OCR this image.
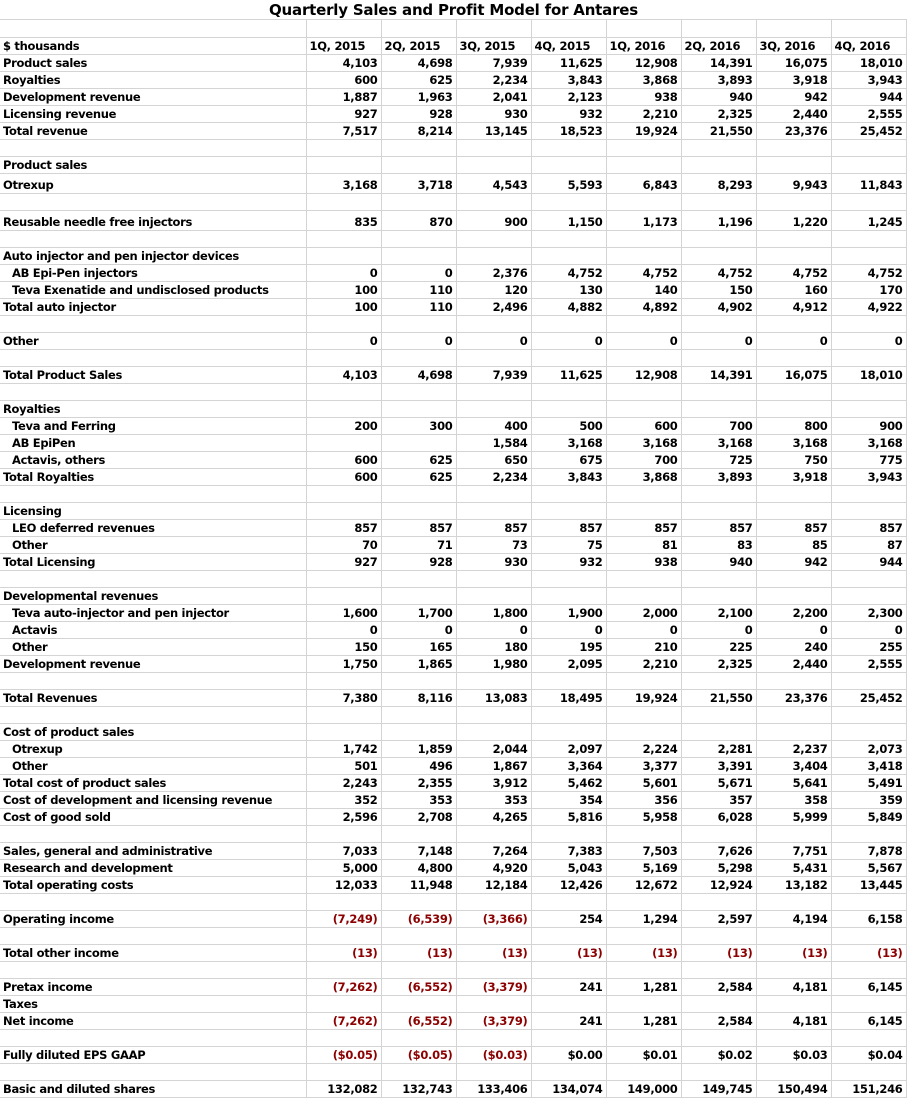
Quarterly Sales and Profit Model for Antares

$ thousands	1Q, 2015	2Q, 2015	3Q, 2015	4Q, 2015	1Q, 2016	2Q, 2016	3Q, 2016	4Q, 2016
Product sales	4,103	4,698	7,939	11,625	12,908	14,391	16,075	18,010
Royalties	600	625	2,234	3,843	3,868	3,893	3,918	3,943
Development revenue	1,887	1,963	2,041	2,123	938	940	942	944
Licensing revenue	927	928	930	932	2,210	2,325	2,440	2,555
Total revenue	7,517	8,214	13,145	18,523	19,924	21,550	23,376	25,452

Product sales								
Otrexup	3,168	3,718	4,543	5,593	6,843	8,293	9,943	11,843

Reusable needle free injectors	835	870	900	1,150	1,173	1,196	1,220	1,245

Auto injector and pen injector devices								
AB Epi-Pen injectors	0	0	2,376	4,752	4,752	4,752	4,752	4,752
Teva Exenatide and undisclosed products	100	110	120	130	140	150	160	170
Total auto injector	100	110	2,496	4,882	4,892	4,902	4,912	4,922

Other	0	0	0	0	0	0	0	0

Total Product Sales	4,103	4,698	7,939	11,625	12,908	14,391	16,075	18,010

Royalties								
Teva and Ferring	200	300	400	500	600	700	800	900
AB EpiPen			1,584	3,168	3,168	3,168	3,168	3,168
Actavis, others	600	625	650	675	700	725	750	775
Total Royalties	600	625	2,234	3,843	3,868	3,893	3,918	3,943

Licensing								
LEO deferred revenues	857	857	857	857	857	857	857	857
Other	70	71	73	75	81	83	85	87
Total Licensing	927	928	930	932	938	940	942	944

Developmental revenues								
Teva auto-injector and pen injector	1,600	1,700	1,800	1,900	2,000	2,100	2,200	2,300
Actavis	0	0	0	0	0	0	0	0
Other	150	165	180	195	210	225	240	255
Development revenue	1,750	1,865	1,980	2,095	2,210	2,325	2,440	2,555

Total Revenues	7,380	8,116	13,083	18,495	19,924	21,550	23,376	25,452

Cost of product sales								
Otrexup	1,742	1,859	2,044	2,097	2,224	2,281	2,237	2,073
Other	501	496	1,867	3,364	3,377	3,391	3,404	3,418
Total cost of product sales	2,243	2,355	3,912	5,462	5,601	5,671	5,641	5,491
Cost of development and licensing revenue	352	353	353	354	356	357	358	359
Cost of good sold	2,596	2,708	4,265	5,816	5,958	6,028	5,999	5,849

Sales, general and administrative	7,033	7,148	7,264	7,383	7,503	7,626	7,751	7,878
Research and development	5,000	4,800	4,920	5,043	5,169	5,298	5,431	5,567
Total operating costs	12,033	11,948	12,184	12,426	12,672	12,924	13,182	13,445

Operating income	(7,249)	(6,539)	(3,366)	254	1,294	2,597	4,194	6,158

Total other income	(13)	(13)	(13)	(13)	(13)	(13)	(13)	(13)

Pretax income	(7,262)	(6,552)	(3,379)	241	1,281	2,584	4,181	6,145
Taxes								
Net income	(7,262)	(6,552)	(3,379)	241	1,281	2,584	4,181	6,145

Fully diluted EPS GAAP	($0.05)	($0.05)	($0.03)	$0.00	$0.01	$0.02	$0.03	$0.04

Basic and diluted shares	132,082	132,743	133,406	134,074	149,000	149,745	150,494	151,246
